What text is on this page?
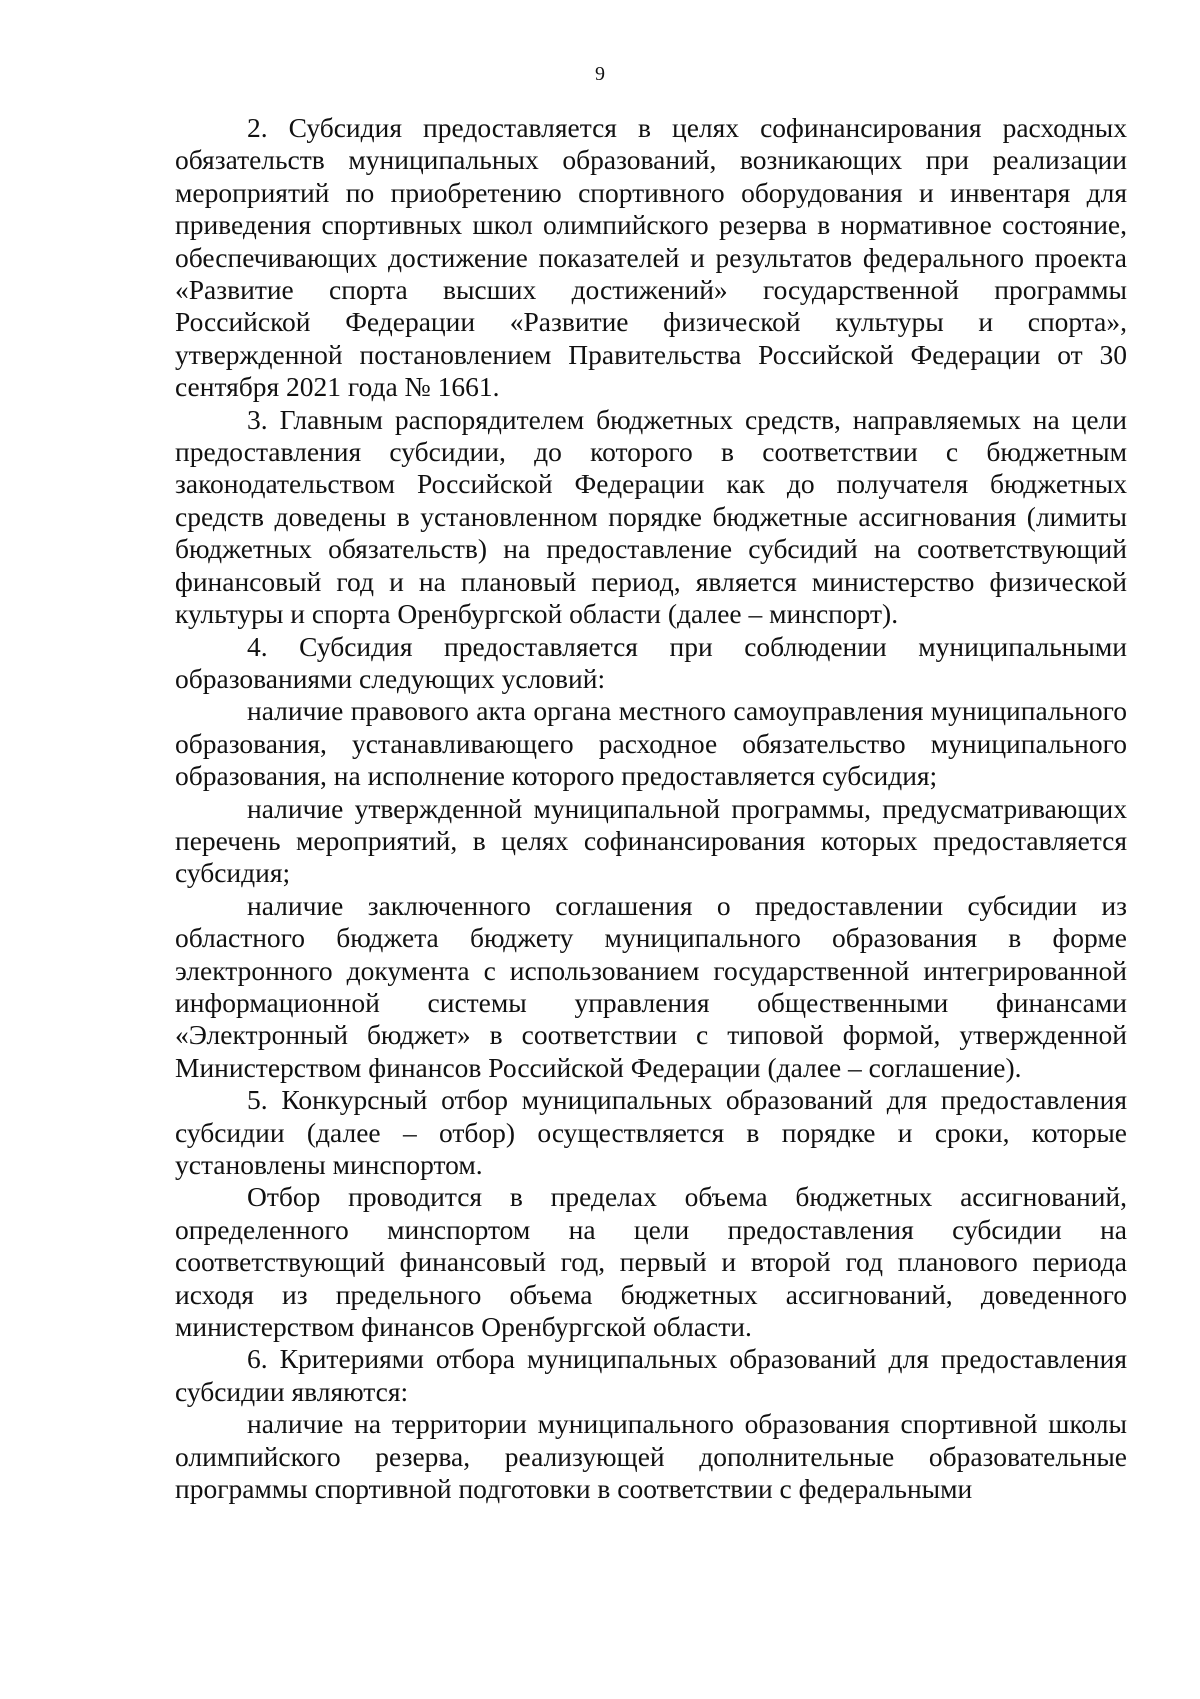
9

2. Субсидия предоставляется в целях софинансирования расходных обязательств муниципальных образований, возникающих при реализации мероприятий по приобретению спортивного оборудования и инвентаря для приведения спортивных школ олимпийского резерва в нормативное состояние, обеспечивающих достижение показателей и результатов федерального проекта «Развитие спорта высших достижений» государственной программы Российской Федерации «Развитие физической культуры и спорта», утвержденной постановлением Правительства Российской Федерации от 30 сентября 2021 года № 1661.

3. Главным распорядителем бюджетных средств, направляемых на цели предоставления субсидии, до которого в соответствии с бюджетным законодательством Российской Федерации как до получателя бюджетных средств доведены в установленном порядке бюджетные ассигнования (лимиты бюджетных обязательств) на предоставление субсидий на соответствующий финансовый год и на плановый период, является министерство физической культуры и спорта Оренбургской области (далее – минспорт).

4. Субсидия предоставляется при соблюдении муниципальными образованиями следующих условий:

наличие правового акта органа местного самоуправления муниципального образования, устанавливающего расходное обязательство муниципального образования, на исполнение которого предоставляется субсидия;

наличие утвержденной муниципальной программы, предусматривающих перечень мероприятий, в целях софинансирования которых предоставляется субсидия;

наличие заключенного соглашения о предоставлении субсидии из областного бюджета бюджету муниципального образования в форме электронного документа с использованием государственной интегрированной информационной системы управления общественными финансами «Электронный бюджет» в соответствии с типовой формой, утвержденной Министерством финансов Российской Федерации (далее – соглашение).

5. Конкурсный отбор муниципальных образований для предоставления субсидии (далее – отбор) осуществляется в порядке и сроки, которые установлены минспортом.

Отбор проводится в пределах объема бюджетных ассигнований, определенного минспортом на цели предоставления субсидии на соответствующий финансовый год, первый и второй год планового периода исходя из предельного объема бюджетных ассигнований, доведенного министерством финансов Оренбургской области.

6. Критериями отбора муниципальных образований для предоставления субсидии являются:

наличие на территории муниципального образования спортивной школы олимпийского резерва, реализующей дополнительные образовательные программы спортивной подготовки в соответствии с федеральными
